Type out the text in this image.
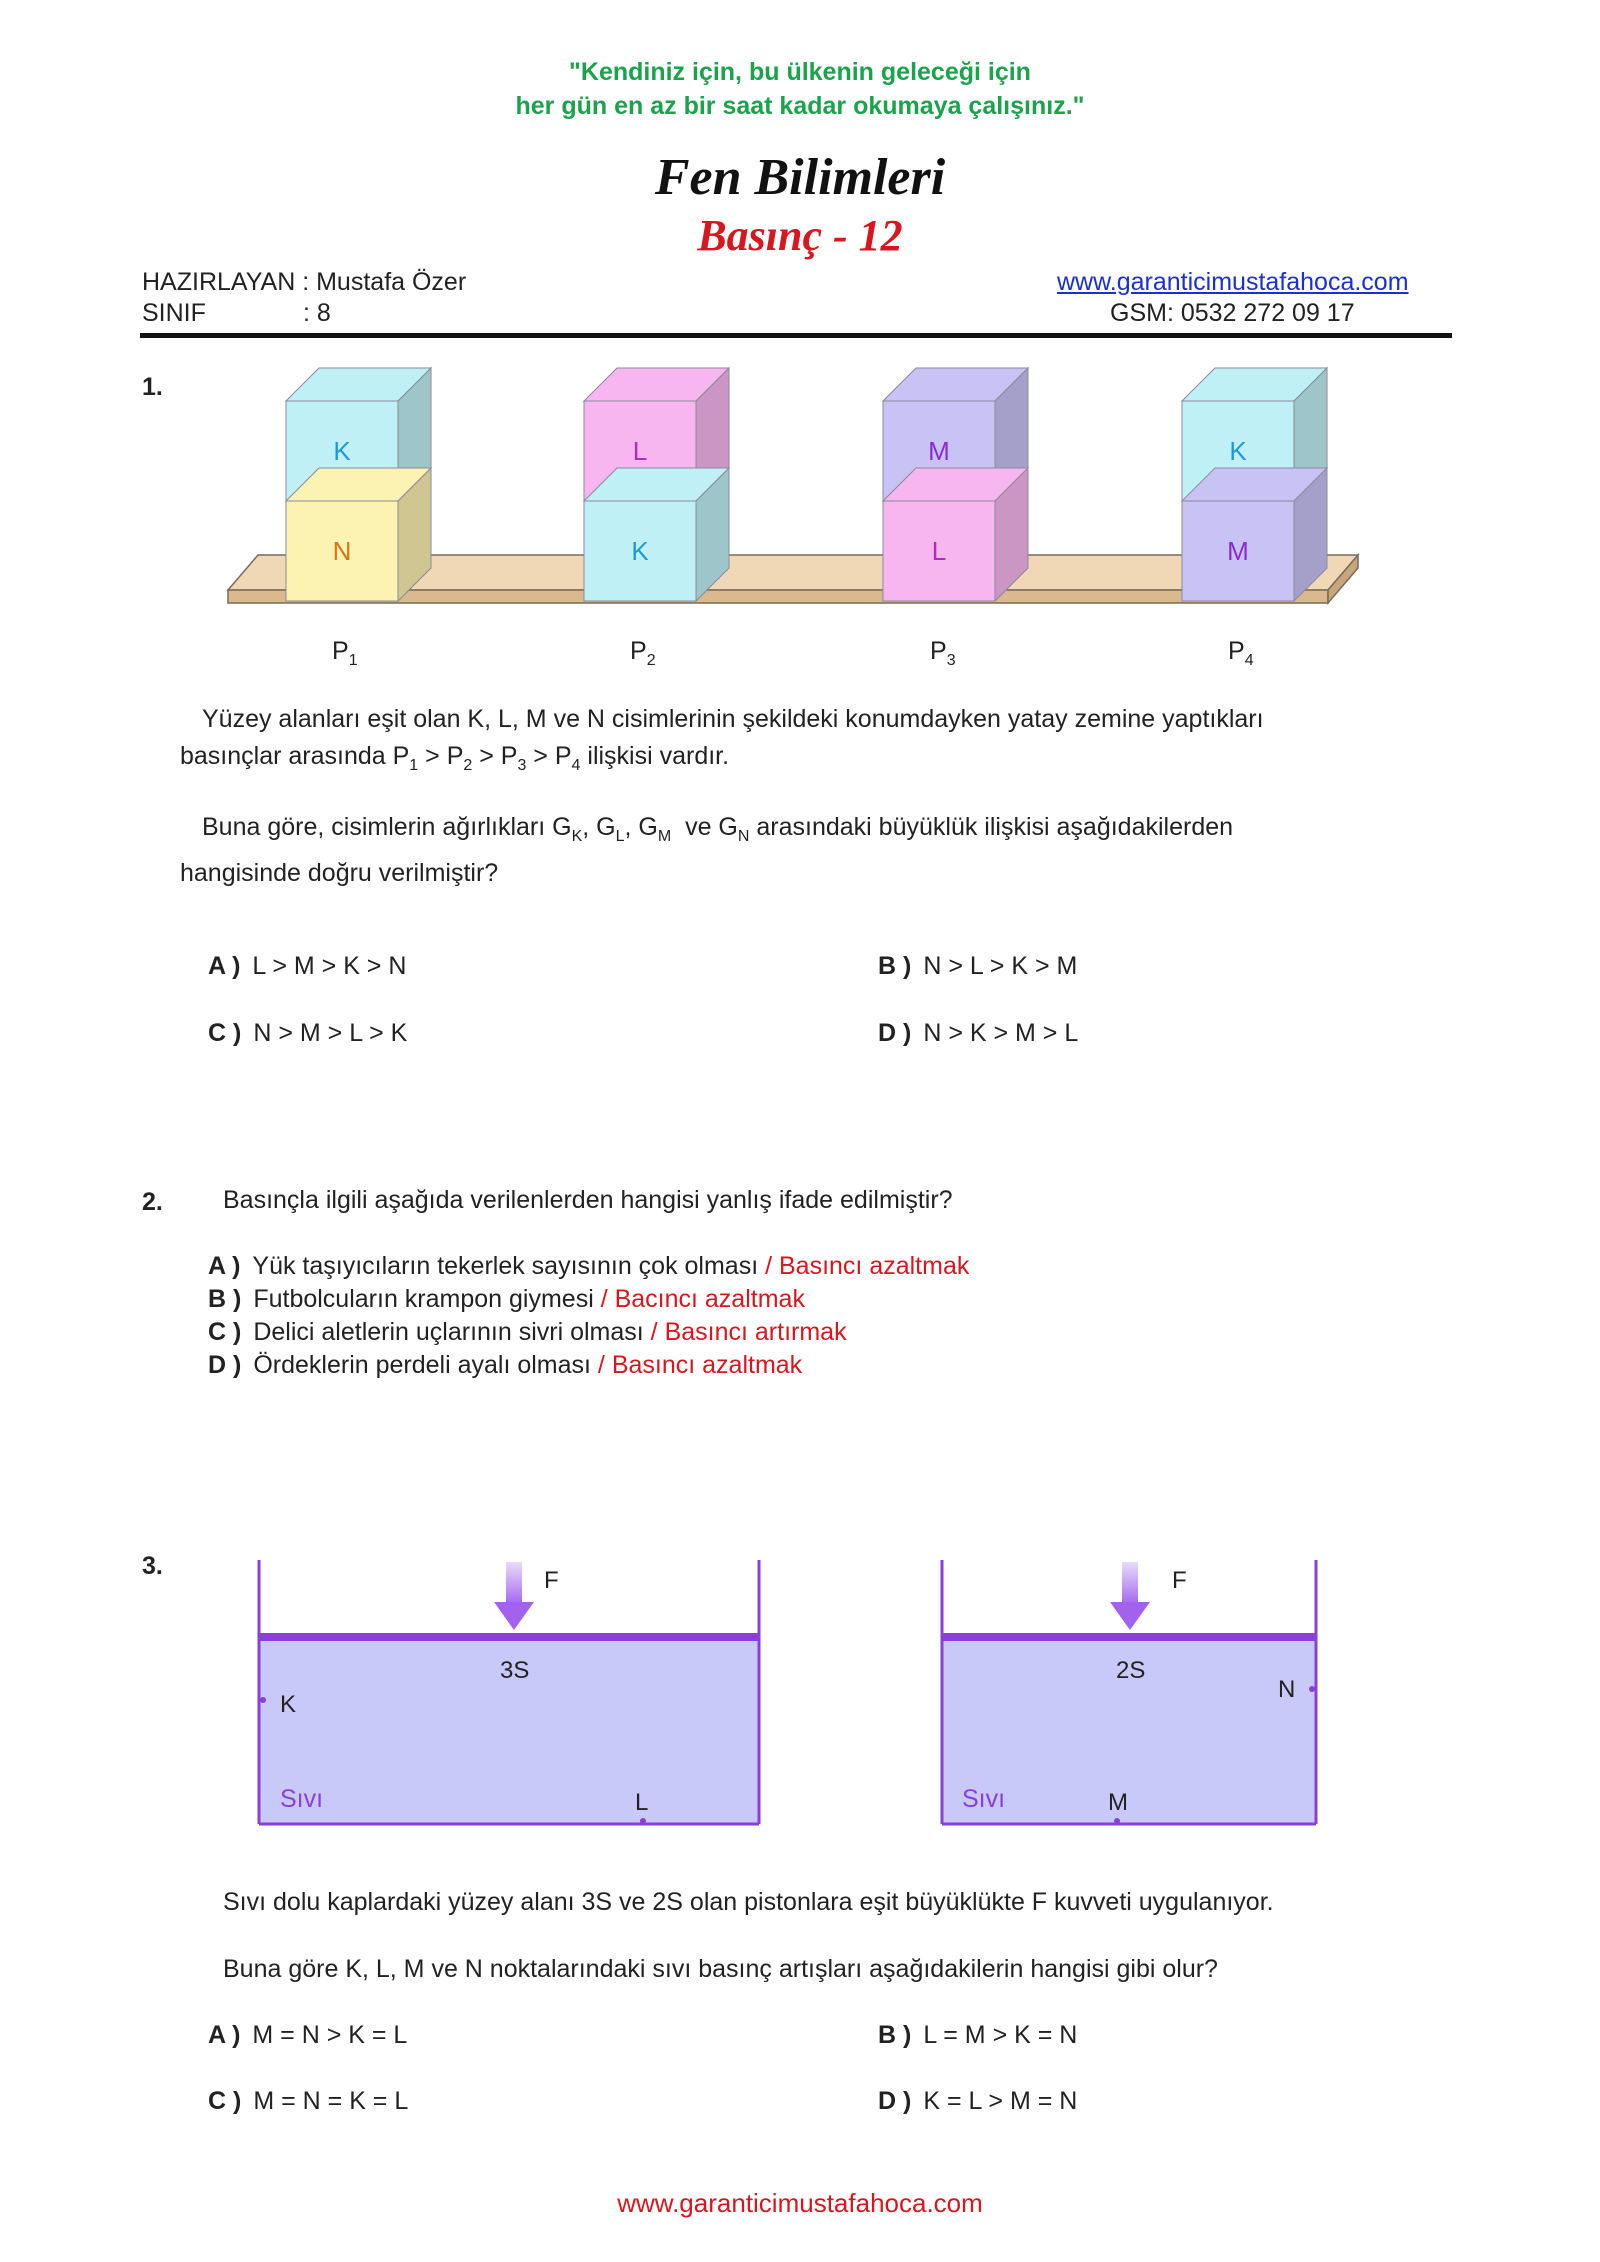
"Kendiniz için, bu ülkenin geleceği için
her gün en az bir saat kadar okumaya çalışınız."
Fen Bilimleri
Basınç - 12
HAZIRLAYAN : Mustafa Özer
SINIF	: 8
www.garanticimustafahoca.com
GSM: 0532 272 09 17
1.
K
N
L
K
M
L
K
M
$P_1$	$P_2$	$P_3$	$P_4$
Yüzey alanları eşit olan K, L, M ve N cisimlerinin şekildeki konumdayken yatay zemine yaptıkları
basınçlar arasında $P_1 > P_2 > P_3 > P_4$ ilişkisi vardır.
Buna göre, cisimlerin ağırlıkları $G_K$, $G_L$, $G_M$  ve $G_N$ arasındaki büyüklük ilişkisi aşağıdakilerden
hangisinde doğru verilmiştir?
A ) L > M > K > N	B ) N > L > K > M
C ) N > M > L > K	D ) N > K > M > L
2. Basınçla ilgili aşağıda verilenlerden hangisi yanlış ifade edilmiştir?
A ) Yük taşıyıcıların tekerlek sayısının çok olması / Basıncı azaltmak
B ) Futbolcuların krampon giymesi / Bacıncı azaltmak
C ) Delici aletlerin uçlarının sivri olması / Basıncı artırmak
D ) Ördeklerin perdeli ayalı olması / Basıncı azaltmak
3.
F
3S
K
L
Sıvı
F
2S
M
N
Sıvı
Sıvı dolu kaplardaki yüzey alanı 3S ve 2S olan pistonlara eşit büyüklükte F kuvveti uygulanıyor.
Buna göre K, L, M ve N noktalarındaki sıvı basınç artışları aşağıdakilerin hangisi gibi olur?
A ) M = N > K = L	B ) L = M > K = N
C ) M = N = K = L	D ) K = L > M = N
www.garanticimustafahoca.com
